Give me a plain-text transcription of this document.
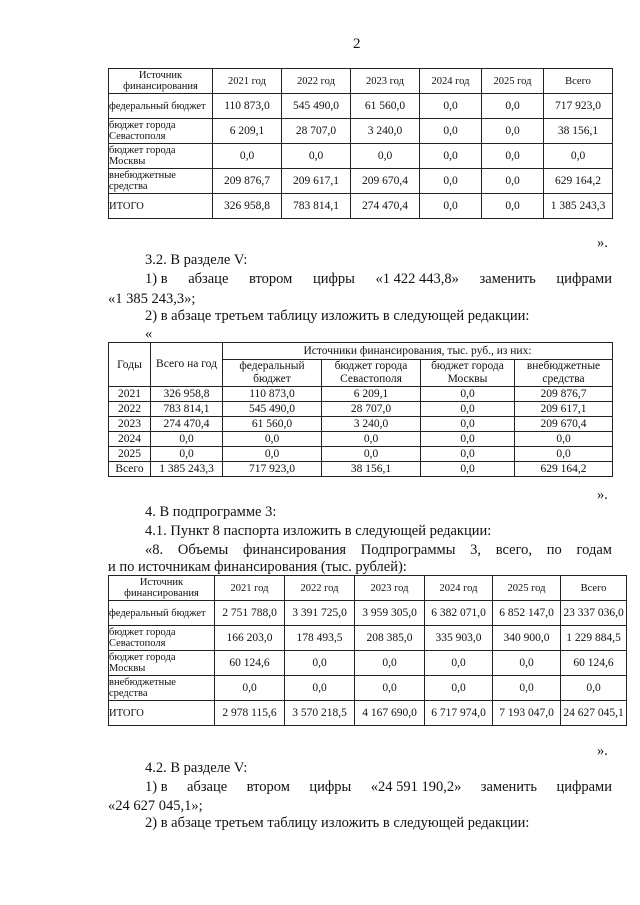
2
Источник финансирования	2021 год	2022 год	2023 год	2024 год	2025 год	Всего
федеральный бюджет	110 873,0	545 490,0	61 560,0	0,0	0,0	717 923,0
бюджет города Севастополя	6 209,1	28 707,0	3 240,0	0,0	0,0	38 156,1
бюджет города Москвы	0,0	0,0	0,0	0,0	0,0	0,0
внебюджетные средства	209 876,7	209 617,1	209 670,4	0,0	0,0	629 164,2
ИТОГО	326 958,8	783 814,1	274 470,4	0,0	0,0	1 385 243,3
».
3.2. В разделе V:
1) в абзаце втором цифры «1 422 443,8» заменить цифрами
«1 385 243,3»;
2) в абзаце третьем таблицу изложить в следующей редакции:
«
Годы	Всего на год	Источники финансирования, тыс. руб., из них:			
		федеральный бюджет	бюджет города Севастополя	бюджет города Москвы	внебюджетные средства
2021	326 958,8	110 873,0	6 209,1	0,0	209 876,7
2022	783 814,1	545 490,0	28 707,0	0,0	209 617,1
2023	274 470,4	61 560,0	3 240,0	0,0	209 670,4
2024	0,0	0,0	0,0	0,0	0,0
2025	0,0	0,0	0,0	0,0	0,0
Всего	1 385 243,3	717 923,0	38 156,1	0,0	629 164,2
».
4. В подпрограмме 3:
4.1. Пункт 8 паспорта изложить в следующей редакции:
«8. Объемы финансирования Подпрограммы 3, всего, по годам
и по источникам финансирования (тыс. рублей):
Источник финансирования	2021 год	2022 год	2023 год	2024 год	2025 год	Всего
федеральный бюджет	2 751 788,0	3 391 725,0	3 959 305,0	6 382 071,0	6 852 147,0	23 337 036,0
бюджет города Севастополя	166 203,0	178 493,5	208 385,0	335 903,0	340 900,0	1 229 884,5
бюджет города Москвы	60 124,6	0,0	0,0	0,0	0,0	60 124,6
внебюджетные средства	0,0	0,0	0,0	0,0	0,0	0,0
ИТОГО	2 978 115,6	3 570 218,5	4 167 690,0	6 717 974,0	7 193 047,0	24 627 045,1
».
4.2. В разделе V:
1) в абзаце втором цифры «24 591 190,2» заменить цифрами
«24 627 045,1»;
2) в абзаце третьем таблицу изложить в следующей редакции:
